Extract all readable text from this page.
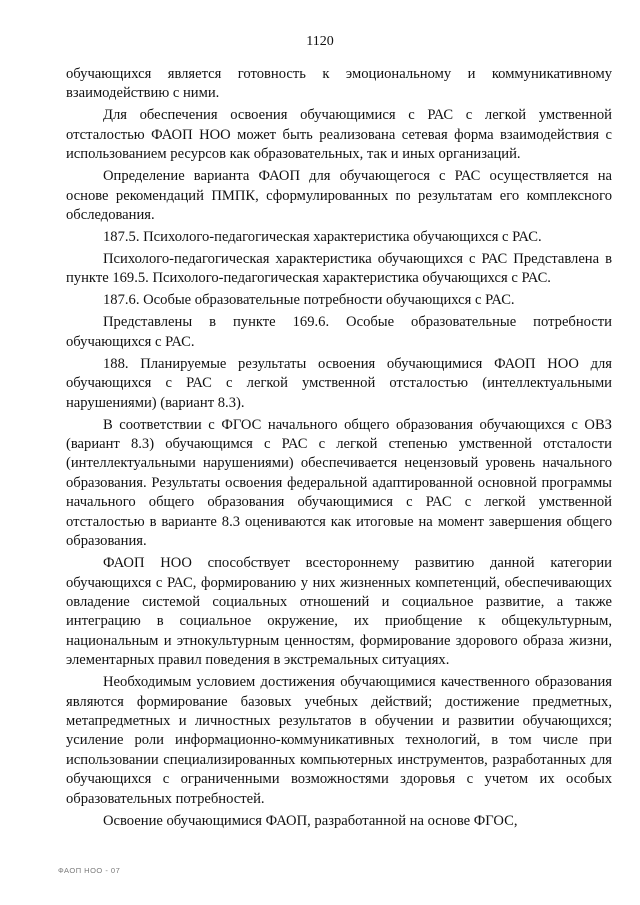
1120

обучающихся является готовность к эмоциональному и коммуникативному взаимодействию с ними.

Для обеспечения освоения обучающимися с РАС с легкой умственной отсталостью ФАОП НОО может быть реализована сетевая форма взаимодействия с использованием ресурсов как образовательных, так и иных организаций.

Определение варианта ФАОП для обучающегося с РАС осуществляется на основе рекомендаций ПМПК, сформулированных по результатам его комплексного обследования.

187.5. Психолого-педагогическая характеристика обучающихся с РАС.

Психолого-педагогическая характеристика обучающихся с РАС Представлена в пункте 169.5. Психолого-педагогическая характеристика обучающихся с РАС.

187.6. Особые образовательные потребности обучающихся с РАС.

Представлены в пункте 169.6. Особые образовательные потребности обучающихся с РАС.

188. Планируемые результаты освоения обучающимися ФАОП НОО для обучающихся с РАС с легкой умственной отсталостью (интеллектуальными нарушениями) (вариант 8.3).

В соответствии с ФГОС начального общего образования обучающихся с ОВЗ (вариант 8.3) обучающимся с РАС с легкой степенью умственной отсталости (интеллектуальными нарушениями) обеспечивается нецензовый уровень начального образования. Результаты освоения федеральной адаптированной основной программы начального общего образования обучающимися с РАС с легкой умственной отсталостью в варианте 8.3 оцениваются как итоговые на момент завершения общего образования.

ФАОП НОО способствует всестороннему развитию данной категории обучающихся с РАС, формированию у них жизненных компетенций, обеспечивающих овладение системой социальных отношений и социальное развитие, а также интеграцию в социальное окружение, их приобщение к общекультурным, национальным и этнокультурным ценностям, формирование здорового образа жизни, элементарных правил поведения в экстремальных ситуациях.

Необходимым условием достижения обучающимися качественного образования являются формирование базовых учебных действий; достижение предметных, метапредметных и личностных результатов в обучении и развитии обучающихся; усиление роли информационно-коммуникативных технологий, в том числе при использовании специализированных компьютерных инструментов, разработанных для обучающихся с ограниченными возможностями здоровья с учетом их особых образовательных потребностей.

Освоение обучающимися ФАОП, разработанной на основе ФГОС,

ФАОП НОО - 07
